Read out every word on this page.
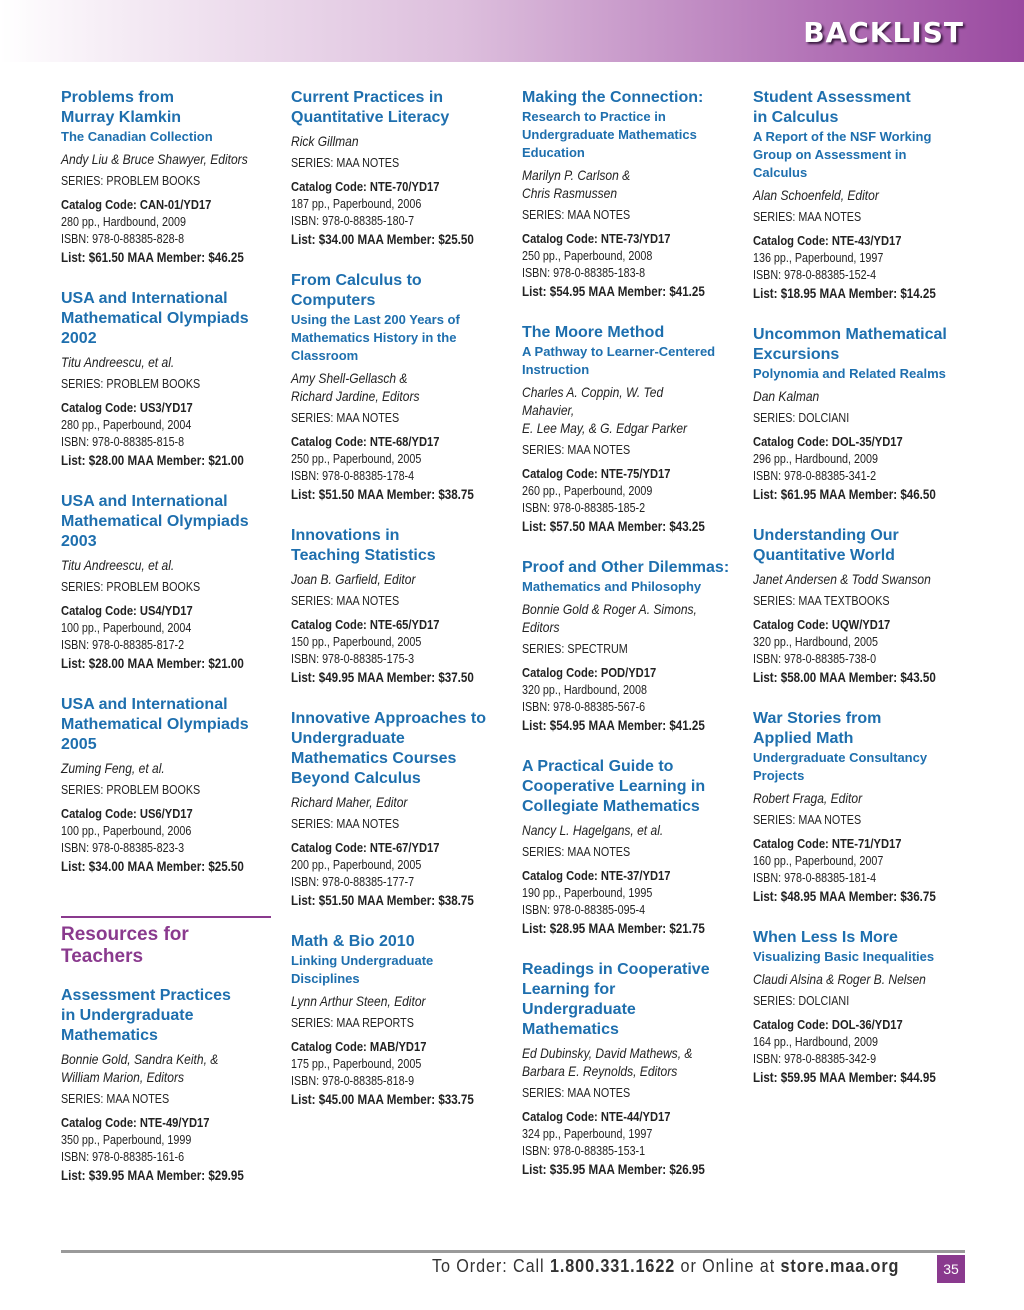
BACKLIST
Problems from
Murray Klamkin
The Canadian Collection
Andy Liu & Bruce Shawyer, Editors
SERIES: PROBLEM BOOKS
Catalog Code: CAN-01/YD17
280 pp., Hardbound, 2009
ISBN: 978-0-88385-828-8
List: $61.50 MAA Member: $46.25
USA and International
Mathematical Olympiads
2002
Titu Andreescu, et al.
SERIES: PROBLEM BOOKS
Catalog Code: US3/YD17
280 pp., Paperbound, 2004
ISBN: 978-0-88385-815-8
List: $28.00 MAA Member: $21.00
USA and International
Mathematical Olympiads
2003
Titu Andreescu, et al.
SERIES: PROBLEM BOOKS
Catalog Code: US4/YD17
100 pp., Paperbound, 2004
ISBN: 978-0-88385-817-2
List: $28.00 MAA Member: $21.00
USA and International
Mathematical Olympiads
2005
Zuming Feng, et al.
SERIES: PROBLEM BOOKS
Catalog Code: US6/YD17
100 pp., Paperbound, 2006
ISBN: 978-0-88385-823-3
List: $34.00 MAA Member: $25.50
Resources for
Teachers
Assessment Practices
in Undergraduate
Mathematics
Bonnie Gold, Sandra Keith, &
William Marion, Editors
SERIES: MAA NOTES
Catalog Code: NTE-49/YD17
350 pp., Paperbound, 1999
ISBN: 978-0-88385-161-6
List: $39.95 MAA Member: $29.95
Current Practices in
Quantitative Literacy
Rick Gillman
SERIES: MAA NOTES
Catalog Code: NTE-70/YD17
187 pp., Paperbound, 2006
ISBN: 978-0-88385-180-7
List: $34.00 MAA Member: $25.50
From Calculus to
Computers
Using the Last 200 Years of
Mathematics History in the
Classroom
Amy Shell-Gellasch &
Richard Jardine, Editors
SERIES: MAA NOTES
Catalog Code: NTE-68/YD17
250 pp., Paperbound, 2005
ISBN: 978-0-88385-178-4
List: $51.50 MAA Member: $38.75
Innovations in
Teaching Statistics
Joan B. Garfield, Editor
SERIES: MAA NOTES
Catalog Code: NTE-65/YD17
150 pp., Paperbound, 2005
ISBN: 978-0-88385-175-3
List: $49.95 MAA Member: $37.50
Innovative Approaches to
Undergraduate
Mathematics Courses
Beyond Calculus
Richard Maher, Editor
SERIES: MAA NOTES
Catalog Code: NTE-67/YD17
200 pp., Paperbound, 2005
ISBN: 978-0-88385-177-7
List: $51.50 MAA Member: $38.75
Math & Bio 2010
Linking Undergraduate
Disciplines
Lynn Arthur Steen, Editor
SERIES: MAA REPORTS
Catalog Code: MAB/YD17
175 pp., Paperbound, 2005
ISBN: 978-0-88385-818-9
List: $45.00 MAA Member: $33.75
Making the Connection:
Research to Practice in
Undergraduate Mathematics
Education
Marilyn P. Carlson &
Chris Rasmussen
SERIES: MAA NOTES
Catalog Code: NTE-73/YD17
250 pp., Paperbound, 2008
ISBN: 978-0-88385-183-8
List: $54.95 MAA Member: $41.25
The Moore Method
A Pathway to Learner-Centered
Instruction
Charles A. Coppin, W. Ted Mahavier,
E. Lee May, & G. Edgar Parker
SERIES: MAA NOTES
Catalog Code: NTE-75/YD17
260 pp., Paperbound, 2009
ISBN: 978-0-88385-185-2
List: $57.50 MAA Member: $43.25
Proof and Other Dilemmas:
Mathematics and Philosophy
Bonnie Gold & Roger A. Simons,
Editors
SERIES: SPECTRUM
Catalog Code: POD/YD17
320 pp., Hardbound, 2008
ISBN: 978-0-88385-567-6
List: $54.95 MAA Member: $41.25
A Practical Guide to
Cooperative Learning in
Collegiate Mathematics
Nancy L. Hagelgans, et al.
SERIES: MAA NOTES
Catalog Code: NTE-37/YD17
190 pp., Paperbound, 1995
ISBN: 978-0-88385-095-4
List: $28.95 MAA Member: $21.75
Readings in Cooperative
Learning for
Undergraduate
Mathematics
Ed Dubinsky, David Mathews, &
Barbara E. Reynolds, Editors
SERIES: MAA NOTES
Catalog Code: NTE-44/YD17
324 pp., Paperbound, 1997
ISBN: 978-0-88385-153-1
List: $35.95 MAA Member: $26.95
Student Assessment
in Calculus
A Report of the NSF Working
Group on Assessment in
Calculus
Alan Schoenfeld, Editor
SERIES: MAA NOTES
Catalog Code: NTE-43/YD17
136 pp., Paperbound, 1997
ISBN: 978-0-88385-152-4
List: $18.95 MAA Member: $14.25
Uncommon Mathematical
Excursions
Polynomia and Related Realms
Dan Kalman
SERIES: DOLCIANI
Catalog Code: DOL-35/YD17
296 pp., Hardbound, 2009
ISBN: 978-0-88385-341-2
List: $61.95 MAA Member: $46.50
Understanding Our
Quantitative World
Janet Andersen & Todd Swanson
SERIES: MAA TEXTBOOKS
Catalog Code: UQW/YD17
320 pp., Hardbound, 2005
ISBN: 978-0-88385-738-0
List: $58.00 MAA Member: $43.50
War Stories from
Applied Math
Undergraduate Consultancy
Projects
Robert Fraga, Editor
SERIES: MAA NOTES
Catalog Code: NTE-71/YD17
160 pp., Paperbound, 2007
ISBN: 978-0-88385-181-4
List: $48.95 MAA Member: $36.75
When Less Is More
Visualizing Basic Inequalities
Claudi Alsina & Roger B. Nelsen
SERIES: DOLCIANI
Catalog Code: DOL-36/YD17
164 pp., Hardbound, 2009
ISBN: 978-0-88385-342-9
List: $59.95 MAA Member: $44.95
To Order: Call 1.800.331.1622 or Online at store.maa.org	35
